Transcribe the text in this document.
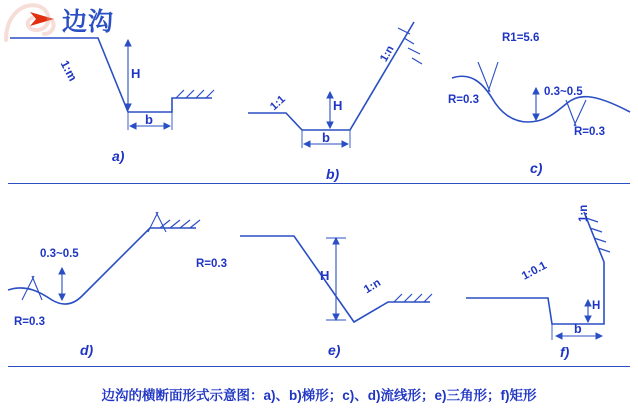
边沟
1:m	H
b
a)
1:1
1:n
H
b
b)
R1=5.6
R=0.3
0.3~0.5
R=0.3
c)
0.3~0.5
R=0.3
R=0.3
d)
H
1:n
e)
1:n
1:0.1
H
b
f)
边沟的横断面形式示意图：a)、b)梯形；c)、d)流线形；e)三角形；f)矩形
